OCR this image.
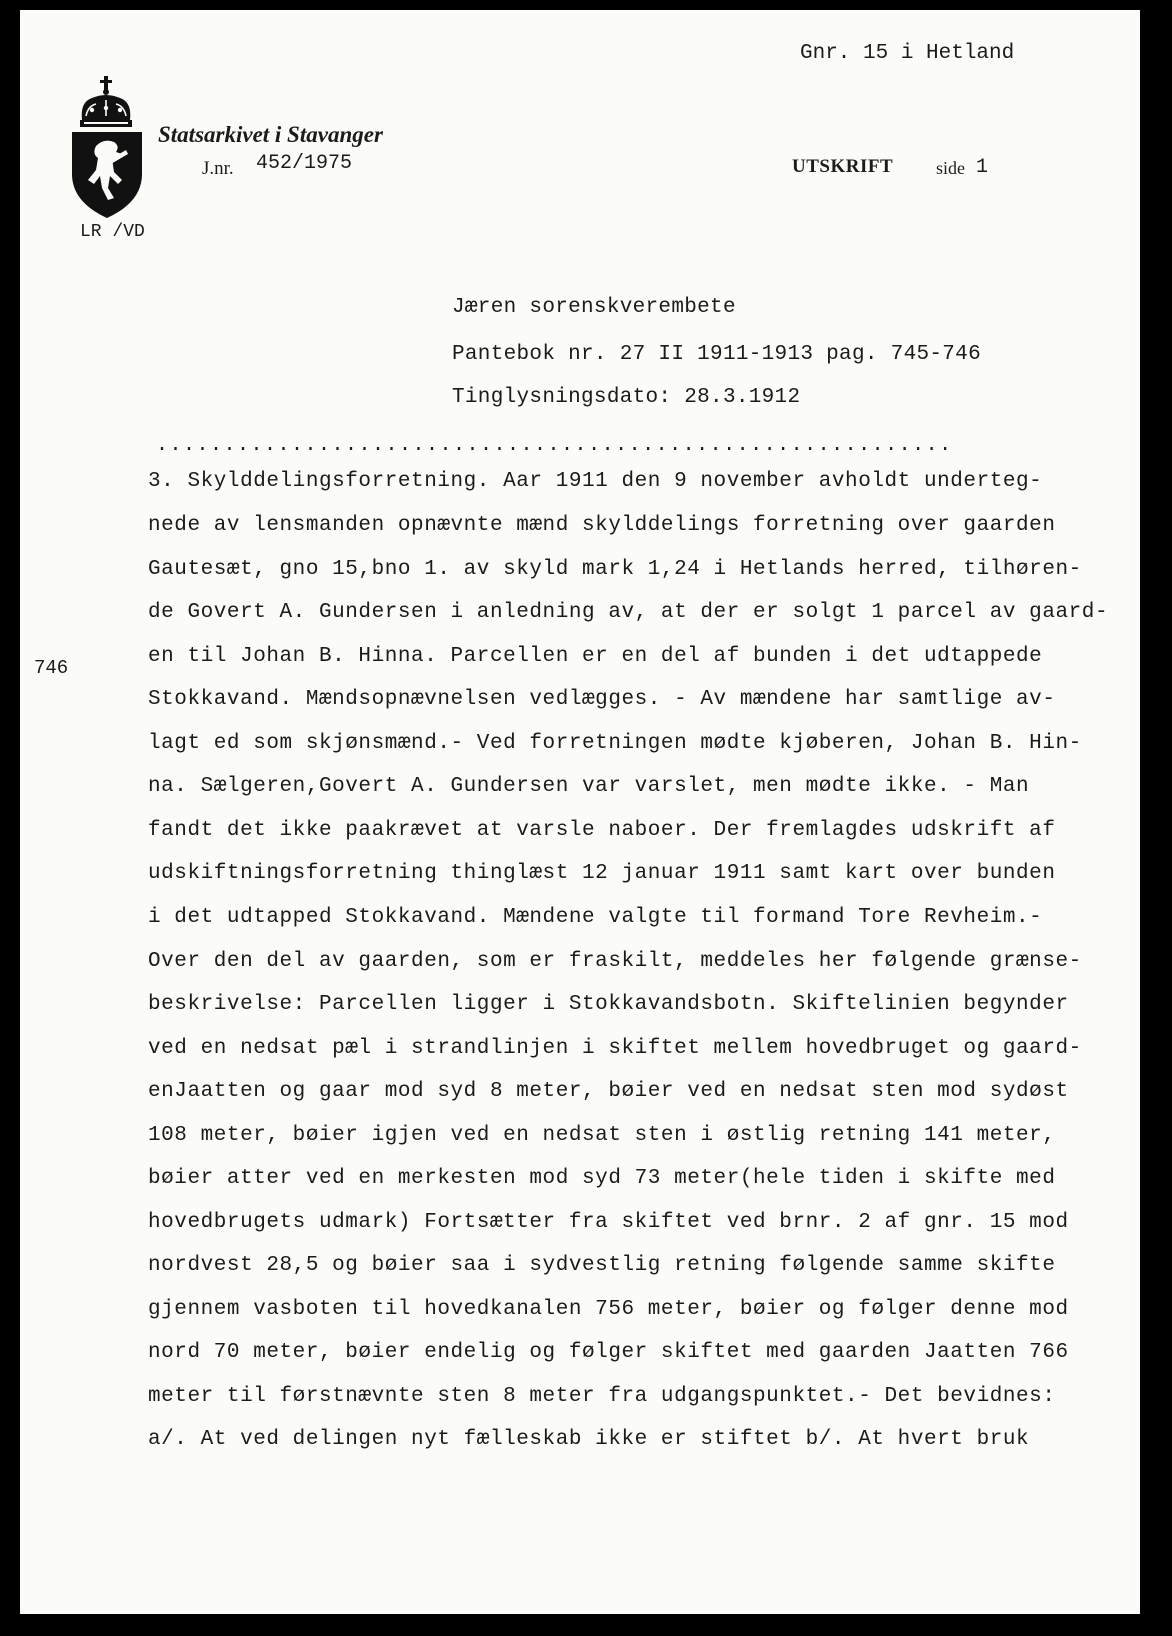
Gnr. 15 i Hetland
Statsarkivet i Stavanger
J.nr. 452/1975	UTSKRIFT side 1
LR /VD
Jæren sorenskverembete
Pantebok nr. 27 II 1911-1913 pag. 745-746
Tinglysningsdato: 28.3.1912
...........................................................
746
3. Skylddelingsforretning. Aar 1911 den 9 november avholdt underteg-
nede av lensmanden opnævnte mænd skylddelings forretning over gaarden
Gautesæt, gno 15,bno 1. av skyld mark 1,24 i Hetlands herred, tilhøren-
de Govert A. Gundersen i anledning av, at der er solgt 1 parcel av gaard-
en til Johan B. Hinna. Parcellen er en del af bunden i det udtappede
Stokkavand. Mændsopnævnelsen vedlægges. - Av mændene har samtlige av-
lagt ed som skjønsmænd.- Ved forretningen mødte kjøberen, Johan B. Hin-
na. Sælgeren,Govert A. Gundersen var varslet, men mødte ikke. - Man
fandt det ikke paakrævet at varsle naboer. Der fremlagdes udskrift af
udskiftningsforretning thinglæst 12 januar 1911 samt kart over bunden
i det udtapped Stokkavand. Mændene valgte til formand Tore Revheim.-
Over den del av gaarden, som er fraskilt, meddeles her følgende grænse-
beskrivelse: Parcellen ligger i Stokkavandsbotn. Skiftelinien begynder
ved en nedsat pæl i strandlinjen i skiftet mellem hovedbruget og gaard-
enJaatten og gaar mod syd 8 meter, bøier ved en nedsat sten mod sydøst
108 meter, bøier igjen ved en nedsat sten i østlig retning 141 meter,
bøier atter ved en merkesten mod syd 73 meter(hele tiden i skifte med
hovedbrugets udmark) Fortsætter fra skiftet ved brnr. 2 af gnr. 15 mod
nordvest 28,5 og bøier saa i sydvestlig retning følgende samme skifte
gjennem vasboten til hovedkanalen 756 meter, bøier og følger denne mod
nord 70 meter, bøier endelig og følger skiftet med gaarden Jaatten 766
meter til førstnævnte sten 8 meter fra udgangspunktet.- Det bevidnes:
a/. At ved delingen nyt fælleskab ikke er stiftet b/. At hvert bruk
